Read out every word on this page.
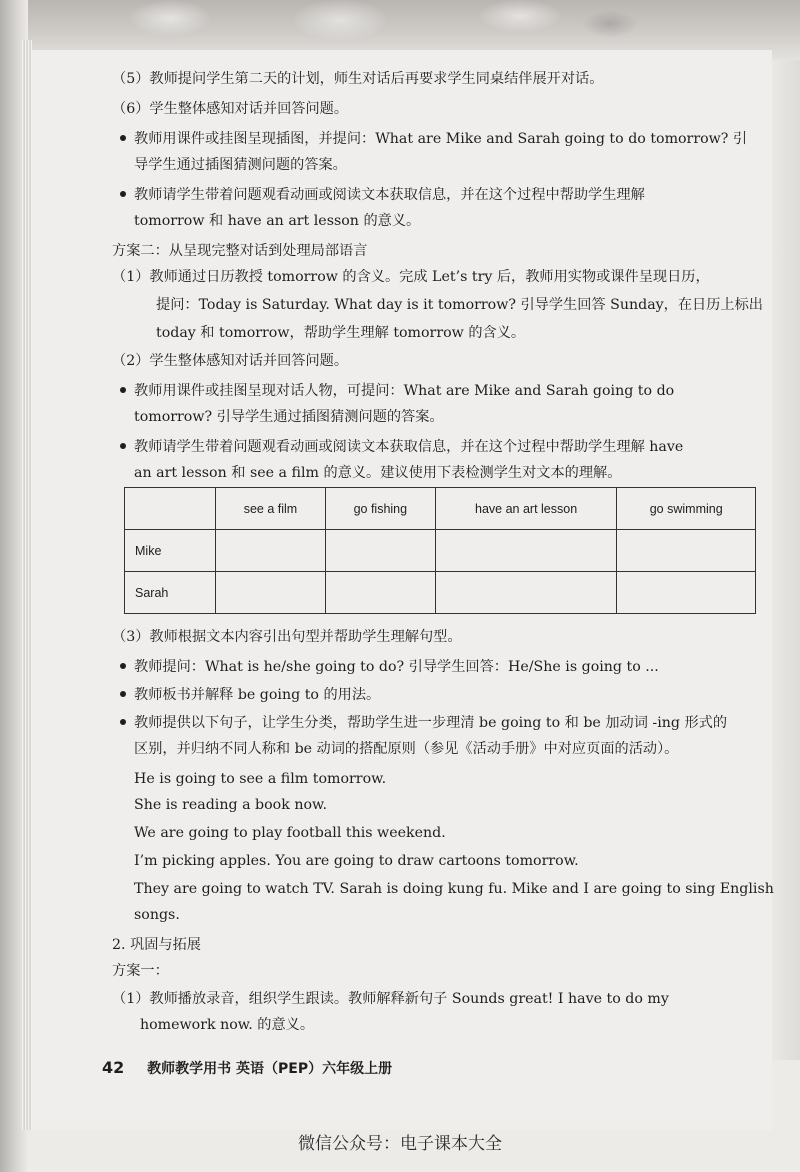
（5）教师提问学生第二天的计划，师生对话后再要求学生同桌结伴展开对话。
（6）学生整体感知对话并回答问题。
教师用课件或挂图呈现插图，并提问：What are Mike and Sarah going to do tomorrow? 引
导学生通过插图猜测问题的答案。
教师请学生带着问题观看动画或阅读文本获取信息，并在这个过程中帮助学生理解
tomorrow 和 have an art lesson 的意义。
方案二：从呈现完整对话到处理局部语言
（1）教师通过日历教授 tomorrow 的含义。完成 Let’s try 后，教师用实物或课件呈现日历，
提问：Today is Saturday. What day is it tomorrow? 引导学生回答 Sunday，在日历上标出
today 和 tomorrow，帮助学生理解 tomorrow 的含义。
（2）学生整体感知对话并回答问题。
教师用课件或挂图呈现对话人物，可提问：What are Mike and Sarah going to do
tomorrow? 引导学生通过插图猜测问题的答案。
教师请学生带着问题观看动画或阅读文本获取信息，并在这个过程中帮助学生理解 have
an art lesson 和 see a film 的意义。建议使用下表检测学生对文本的理解。
（3）教师根据文本内容引出句型并帮助学生理解句型。
教师提问：What is he/she going to do? 引导学生回答：He/She is going to ...
教师板书并解释 be going to 的用法。
教师提供以下句子，让学生分类，帮助学生进一步理清 be going to 和 be 加动词 -ing 形式的
区别，并归纳不同人称和 be 动词的搭配原则（参见《活动手册》中对应页面的活动）。
He is going to see a film tomorrow.
She is reading a book now.
We are going to play football this weekend.
I’m picking apples. You are going to draw cartoons tomorrow.
They are going to watch TV. Sarah is doing kung fu. Mike and I are going to sing English
songs.
2. 巩固与拓展
方案一：
（1）教师播放录音，组织学生跟读。教师解释新句子 Sounds great! I have to do my
homework now. 的意义。
	see a film	go fishing	have an art lesson	go swimming
Mike				
Sarah				
42 教师教学用书 英语（PEP）六年级上册
微信公众号：电子课本大全
